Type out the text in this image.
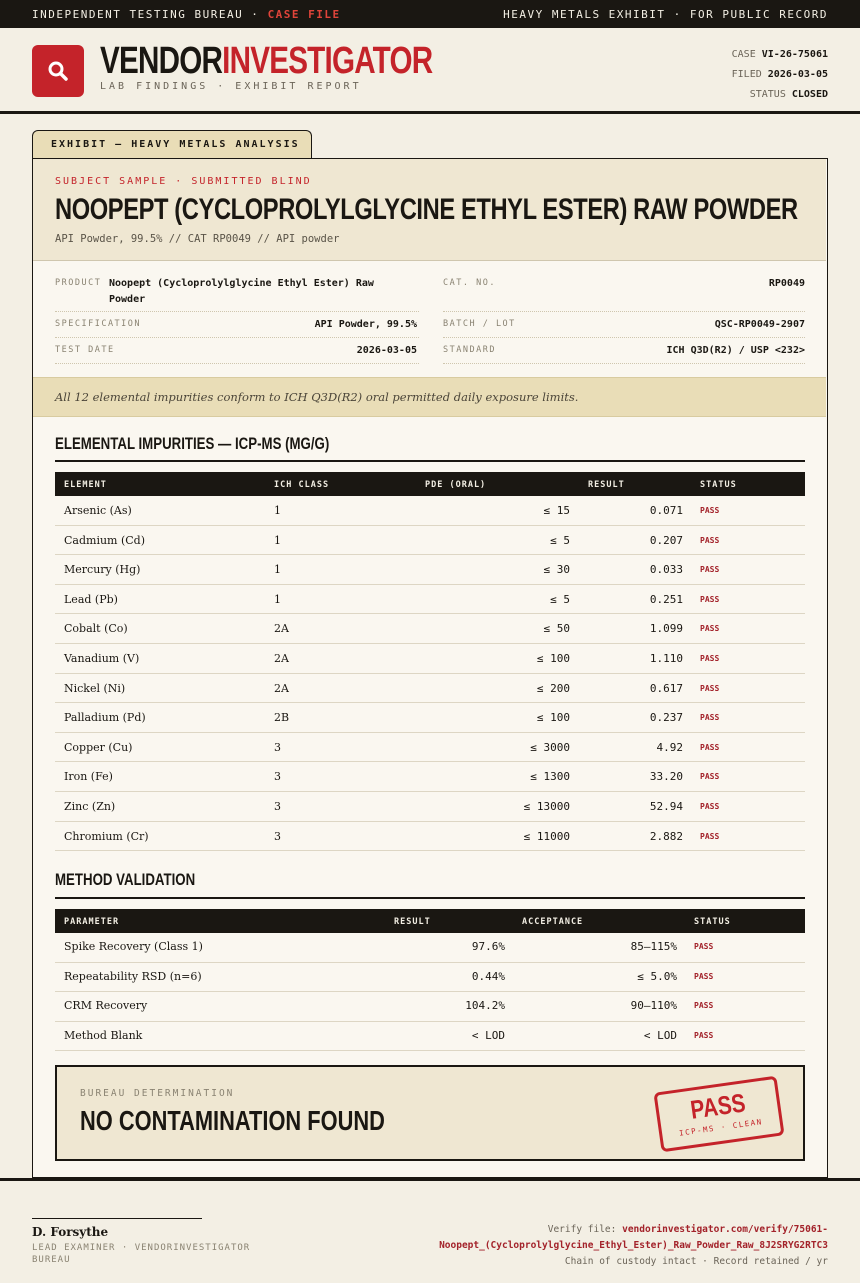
INDEPENDENT TESTING BUREAU · CASE FILE	HEAVY METALS EXHIBIT · FOR PUBLIC RECORD
VENDORINVESTIGATOR
LAB FINDINGS · EXHIBIT REPORT
CASE VI-26-75061
FILED 2026-03-05
STATUS CLOSED
EXHIBIT — HEAVY METALS ANALYSIS
SUBJECT SAMPLE · SUBMITTED BLIND
NOOPEPT (CYCLOPROLYLGLYCINE ETHYL ESTER) RAW POWDER
API Powder, 99.5% // CAT RP0049 // API powder
PRODUCT Noopept (Cycloprolylglycine Ethyl Ester) Raw Powder
CAT. NO.	RP0049
SPECIFICATION	API Powder, 99.5%	BATCH / LOT	QSC-RP0049-2907
TEST DATE	2026-03-05	STANDARD	ICH Q3D(R2) / USP <232>
All 12 elemental impurities conform to ICH Q3D(R2) oral permitted daily exposure limits.
ELEMENTAL IMPURITIES — ICP-MS (MG/G)
ELEMENT	ICH CLASS	PDE (ORAL)	RESULT	STATUS
Arsenic (As)	1	≤ 15	0.071 PASS
Cadmium (Cd)	1	≤ 5	0.207 PASS
Mercury (Hg)	1	≤ 30	0.033 PASS
Lead (Pb)	1	≤ 5	0.251 PASS
Cobalt (Co)	2A	≤ 50	1.099 PASS
Vanadium (V)	2A	≤ 100	1.110 PASS
Nickel (Ni)	2A	≤ 200	0.617 PASS
Palladium (Pd)	2B	≤ 100	0.237 PASS
Copper (Cu)	3	≤ 3000	4.92 PASS
Iron (Fe)	3	≤ 1300	33.20 PASS
Zinc (Zn)	3	≤ 13000	52.94 PASS
Chromium (Cr)	3	≤ 11000	2.882 PASS
METHOD VALIDATION
PARAMETER	RESULT	ACCEPTANCE	STATUS
Spike Recovery (Class 1)	97.6%	85–115% PASS
Repeatability RSD (n=6)	0.44%	≤ 5.0% PASS
CRM Recovery	104.2%	90–110% PASS
Method Blank	< LOD	< LOD PASS
BUREAU DETERMINATION
NO CONTAMINATION FOUND	PASS
ICP-MS · CLEAN
D. Forsythe
LEAD EXAMINER · VENDORINVESTIGATOR BUREAU
Verify file: vendorinvestigator.com/verify/75061-
Noopept_(Cycloprolylglycine_Ethyl_Ester)_Raw_Powder_Raw_8J2SRYG2RTC3
Chain of custody intact · Record retained / yr
